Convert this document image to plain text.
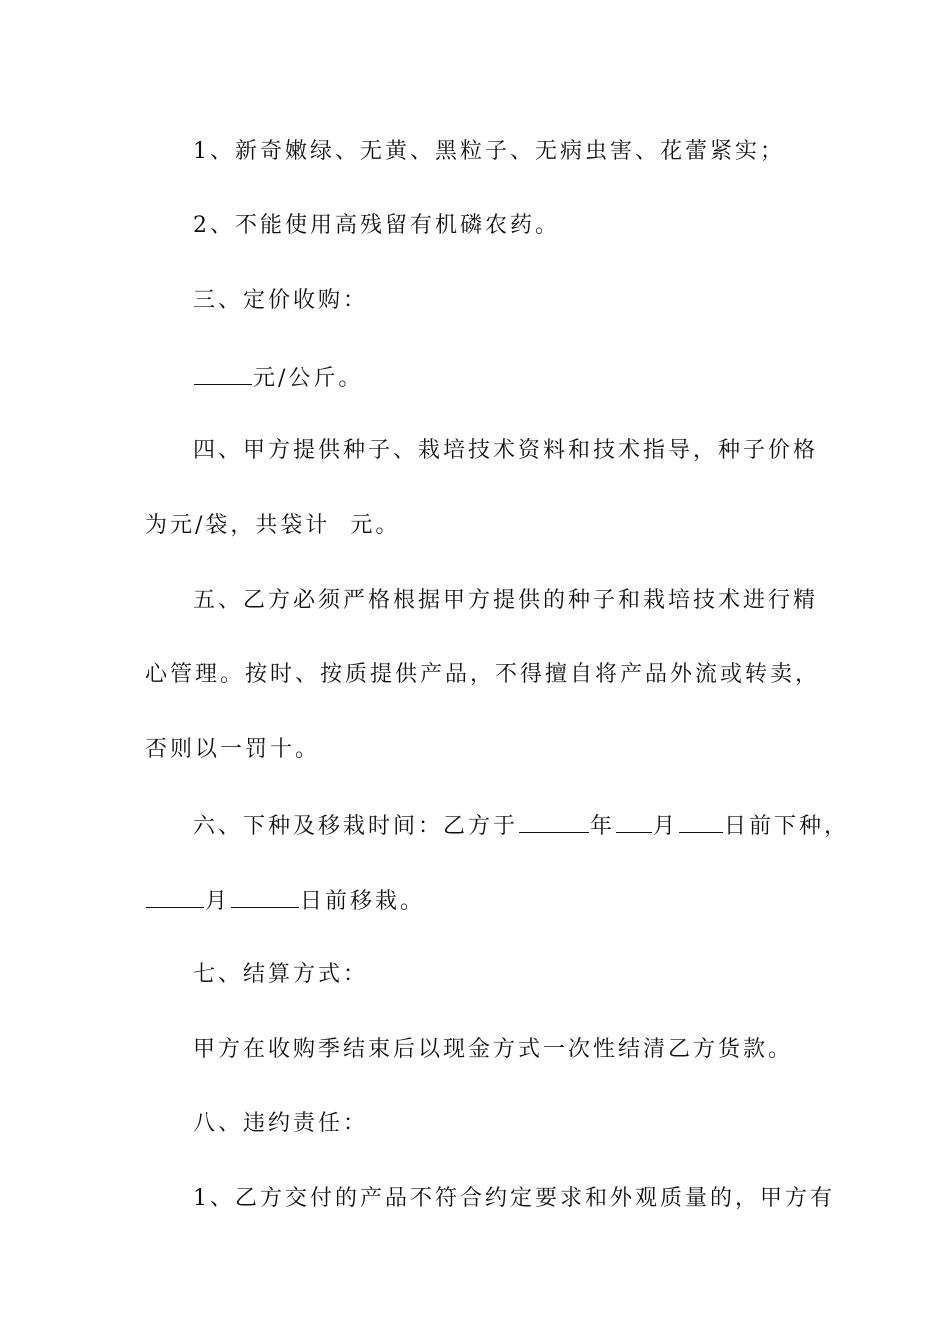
1、新奇嫩绿、无黄、黑粒子、无病虫害、花蕾紧实；
2、不能使用高残留有机磷农药。
三、定价收购：
元/公斤。
四、甲方提供种子、栽培技术资料和技术指导，种子价格
为元/袋，共袋计  元。
五、乙方必须严格根据甲方提供的种子和栽培技术进行精
心管理。按时、按质提供产品，不得擅自将产品外流或转卖，
否则以一罚十。
六、下种及移栽时间：乙方于	年 月 日前下种，
月	日前移栽。
七、结算方式：
甲方在收购季结束后以现金方式一次性结清乙方货款。
八、违约责任：
1、乙方交付的产品不符合约定要求和外观质量的，甲方有
